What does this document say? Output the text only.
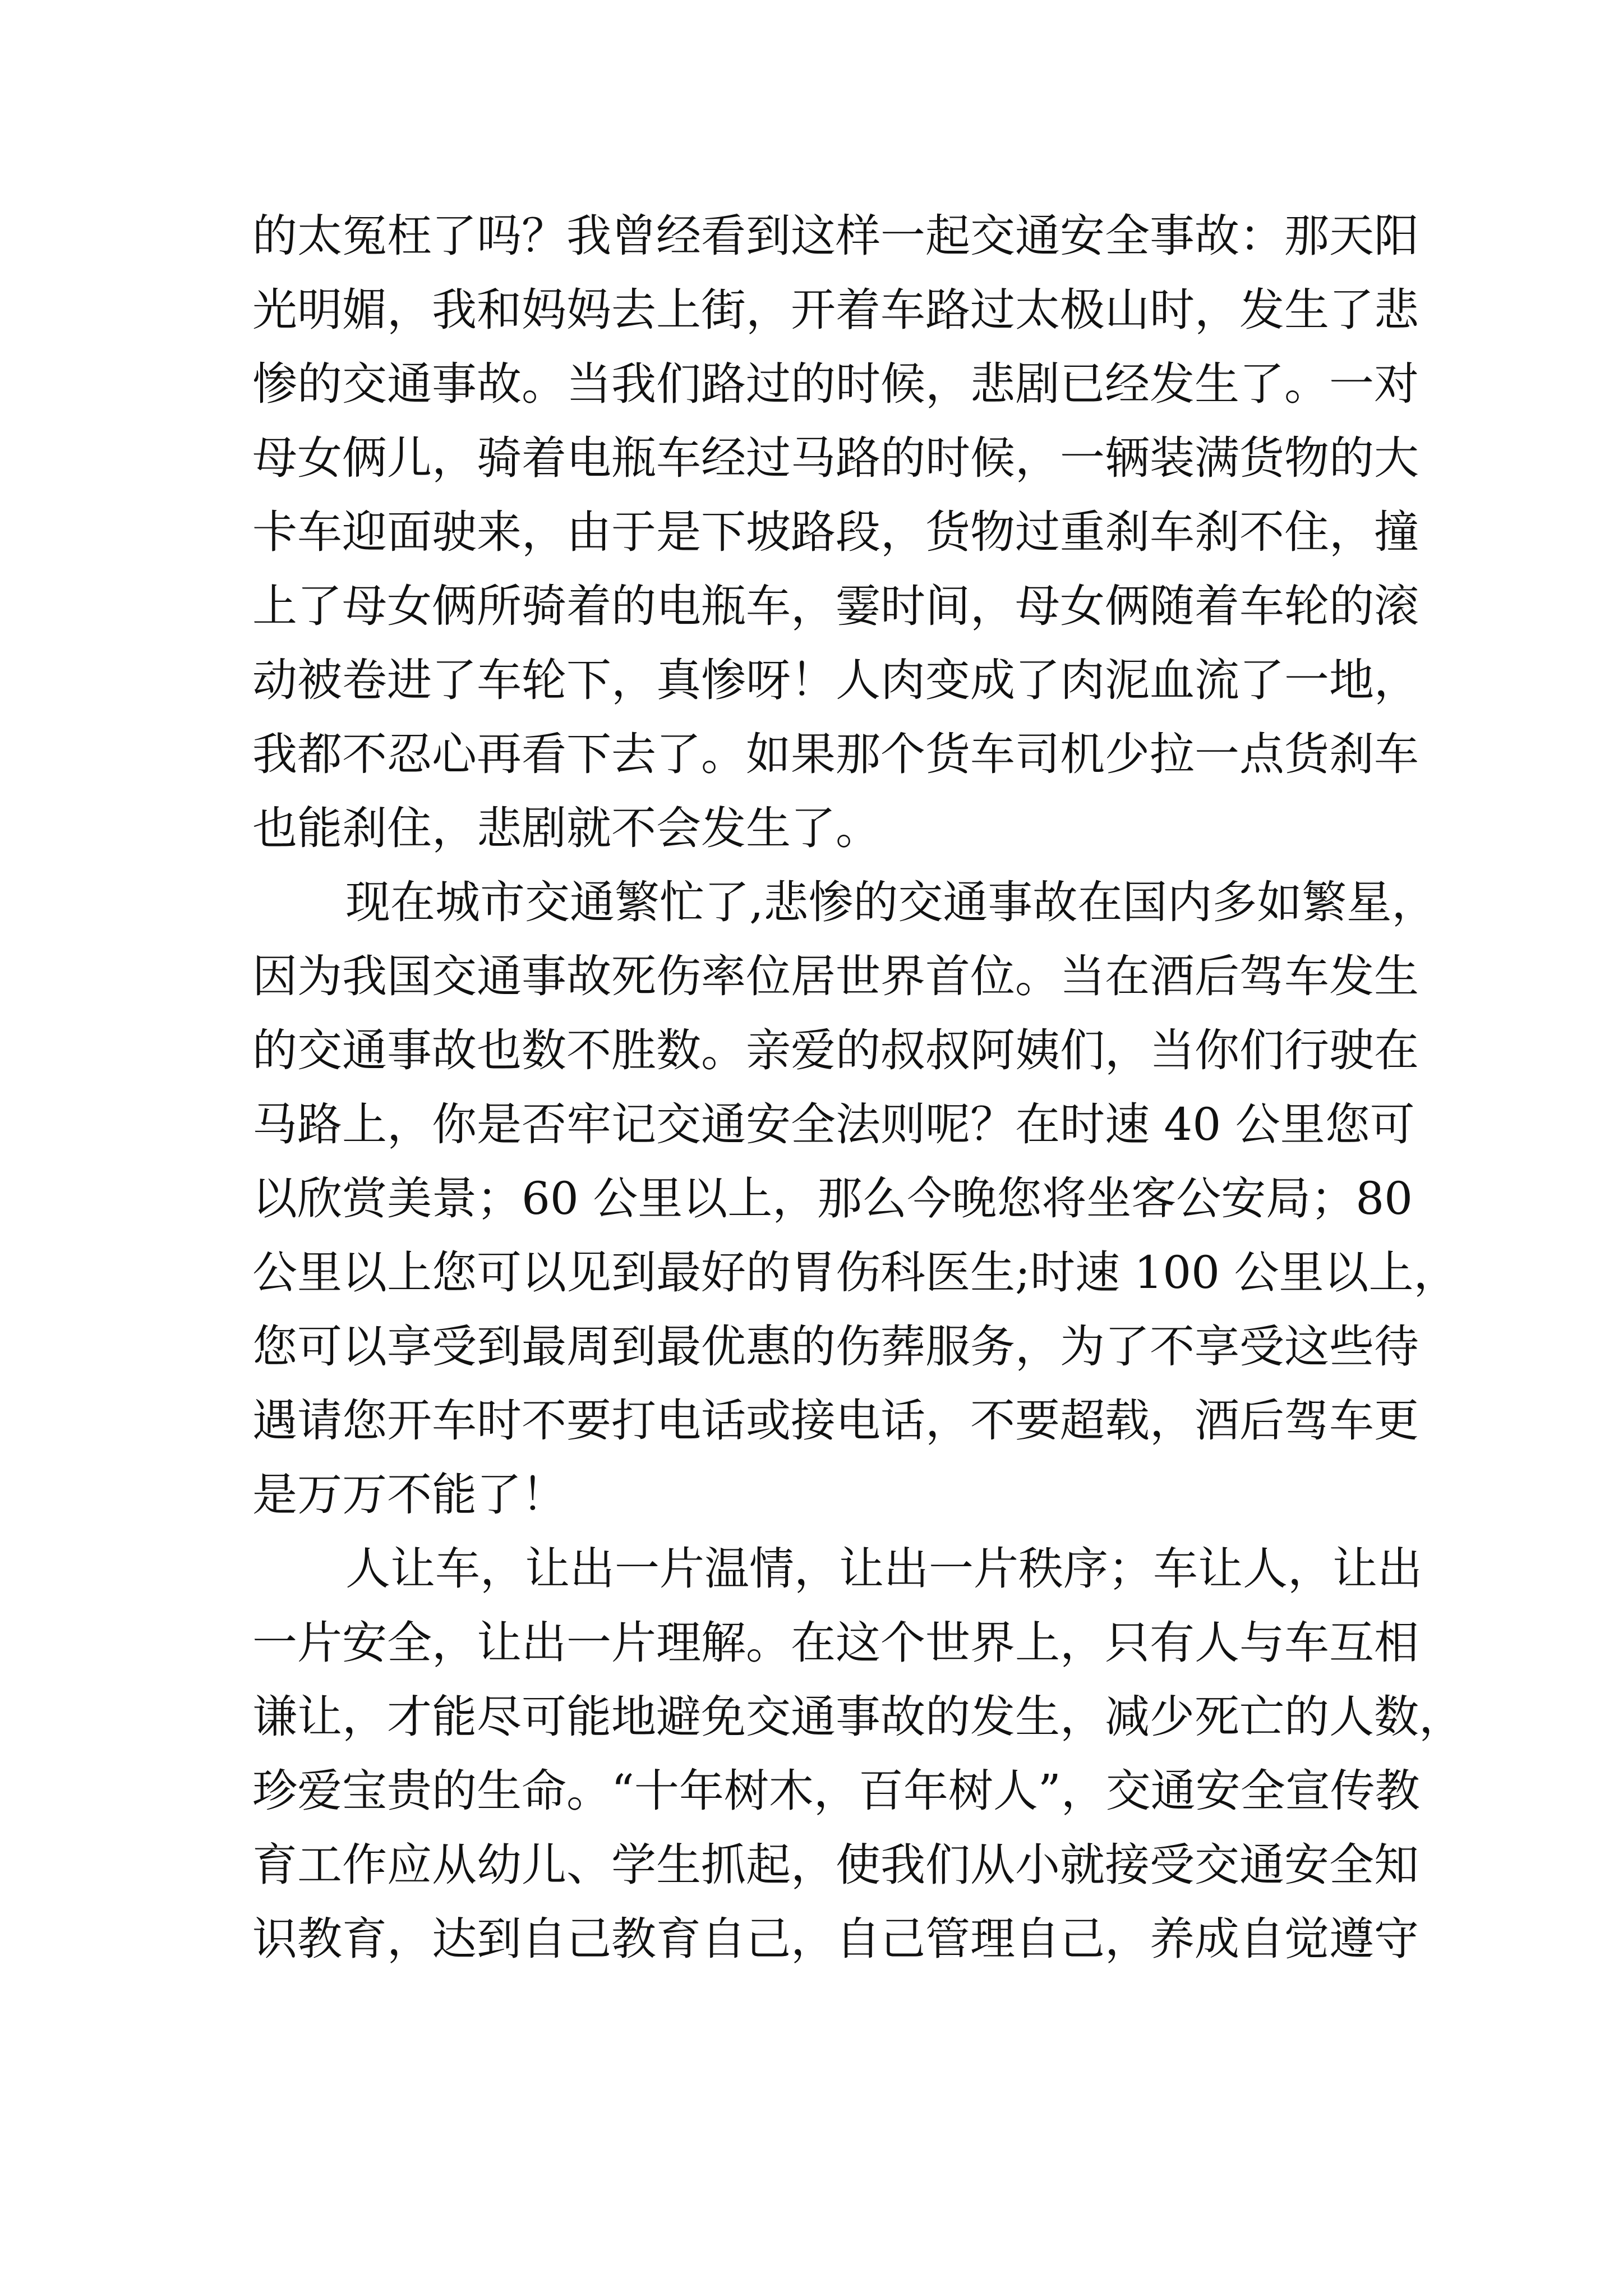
的太冤枉了吗？我曾经看到这样一起交通安全事故：那天阳
光明媚，我和妈妈去上街，开着车路过太极山时，发生了悲
惨的交通事故。当我们路过的时候，悲剧已经发生了。一对
母女俩儿，骑着电瓶车经过马路的时候，一辆装满货物的大
卡车迎面驶来，由于是下坡路段，货物过重刹车刹不住，撞
上了母女俩所骑着的电瓶车，霎时间，母女俩随着车轮的滚
动被卷进了车轮下，真惨呀！人肉变成了肉泥血流了一地，
我都不忍心再看下去了。如果那个货车司机少拉一点货刹车
也能刹住，悲剧就不会发生了。
现在城市交通繁忙了,悲惨的交通事故在国内多如繁星，
因为我国交通事故死伤率位居世界首位。当在酒后驾车发生
的交通事故也数不胜数。亲爱的叔叔阿姨们，当你们行驶在
马路上，你是否牢记交通安全法则呢？在时速 40 公里您可
以欣赏美景；60 公里以上，那么今晚您将坐客公安局；80
公里以上您可以见到最好的胃伤科医生;时速 100 公里以上，
您可以享受到最周到最优惠的伤葬服务，为了不享受这些待
遇请您开车时不要打电话或接电话，不要超载，酒后驾车更
是万万不能了！
人让车，让出一片温情，让出一片秩序；车让人，让出
一片安全，让出一片理解。在这个世界上，只有人与车互相
谦让，才能尽可能地避免交通事故的发生，减少死亡的人数，
珍爱宝贵的生命。“十年树木，百年树人”，交通安全宣传教
育工作应从幼儿、学生抓起，使我们从小就接受交通安全知
识教育，达到自己教育自己，自己管理自己，养成自觉遵守
